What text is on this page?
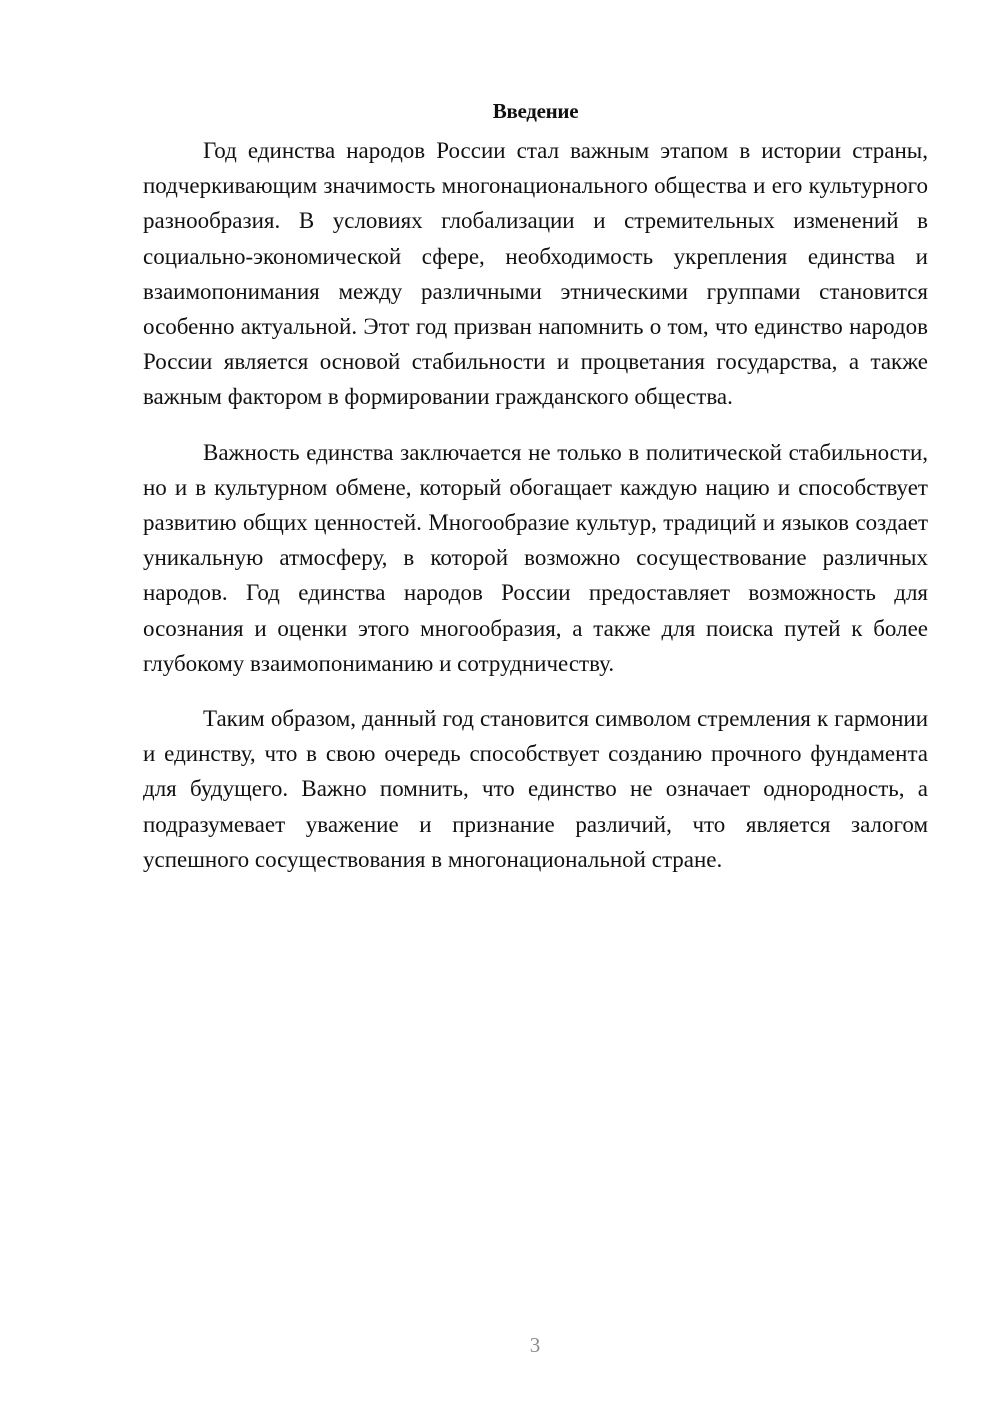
Введение

Год единства народов России стал важным этапом в истории страны, подчеркивающим значимость многонационального общества и его культурного разнообразия. В условиях глобализации и стремительных изменений в социально-экономической сфере, необходимость укрепления единства и взаимопонимания между различными этническими группами становится особенно актуальной. Этот год призван напомнить о том, что единство народов России является основой стабильности и процветания государства, а также важным фактором в формировании гражданского общества.

Важность единства заключается не только в политической стабильности, но и в культурном обмене, который обогащает каждую нацию и способствует развитию общих ценностей. Многообразие культур, традиций и языков создает уникальную атмосферу, в которой возможно сосуществование различных народов. Год единства народов России предоставляет возможность для осознания и оценки этого многообразия, а также для поиска путей к более глубокому взаимопониманию и сотрудничеству.

Таким образом, данный год становится символом стремления к гармонии и единству, что в свою очередь способствует созданию прочного фундамента для будущего. Важно помнить, что единство не означает однородность, а подразумевает уважение и признание различий, что является залогом успешного сосуществования в многонациональной стране.

3
